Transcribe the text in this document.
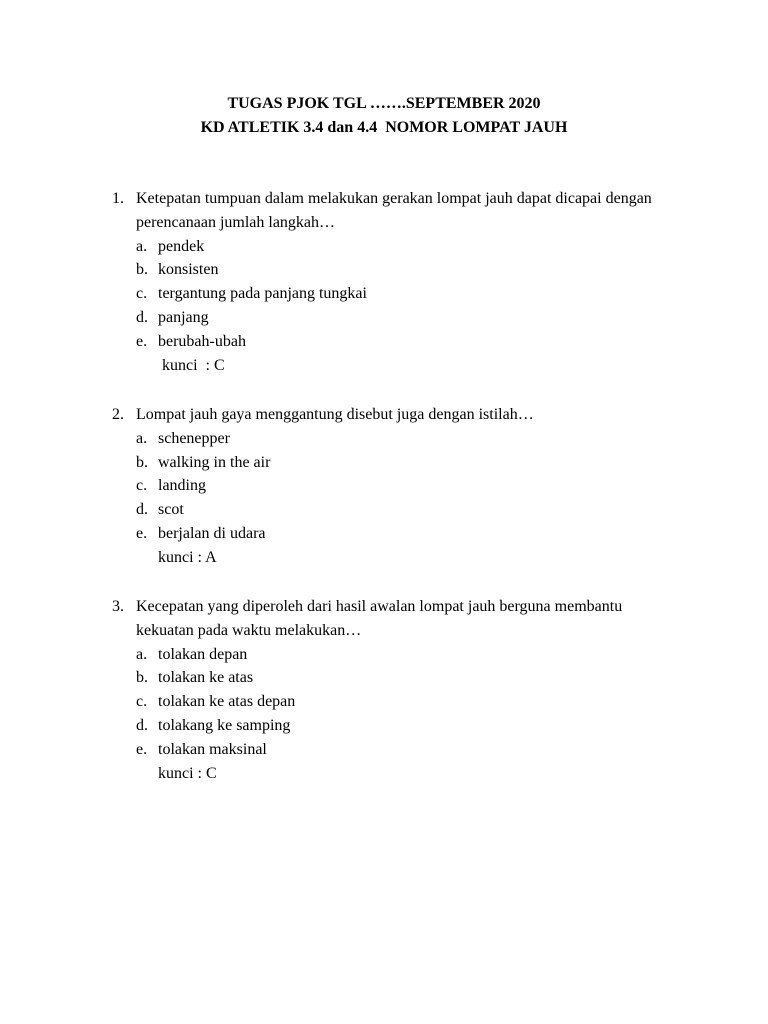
TUGAS PJOK TGL …….SEPTEMBER 2020
KD ATLETIK 3.4 dan 4.4  NOMOR LOMPAT JAUH
1. Ketepatan tumpuan dalam melakukan gerakan lompat jauh dapat dicapai dengan perencanaan jumlah langkah…
a. pendek
b. konsisten
c. tergantung pada panjang tungkai
d. panjang
e. berubah-ubah
kunci  : C
2. Lompat jauh gaya menggantung disebut juga dengan istilah…
a. schenepper
b. walking in the air
c. landing
d. scot
e. berjalan di udara
kunci : A
3. Kecepatan yang diperoleh dari hasil awalan lompat jauh berguna membantu kekuatan pada waktu melakukan…
a. tolakan depan
b. tolakan ke atas
c. tolakan ke atas depan
d. tolakang ke samping
e. tolakan maksinal
kunci : C
